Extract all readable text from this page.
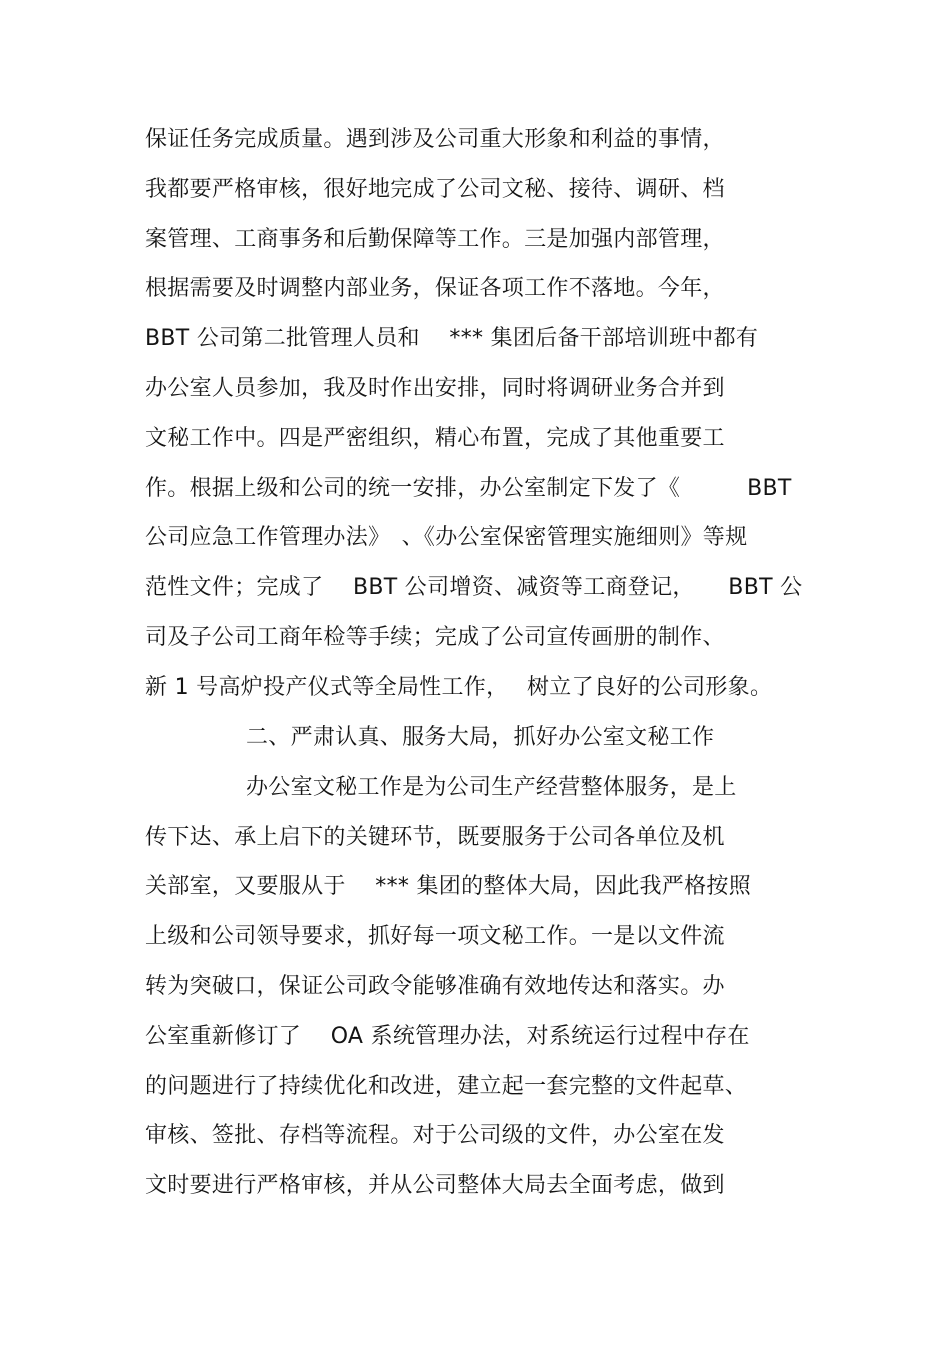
保证任务完成质量。遇到涉及公司重大形象和利益的事情，
我都要严格审核，很好地完成了公司文秘、接待、调研、档
案管理、工商事务和后勤保障等工作。三是加强内部管理，
根据需要及时调整内部业务，保证各项工作不落地。今年，
BBT 公司第二批管理人员和　 *** 集团后备干部培训班中都有
办公室人员参加，我及时作出安排，同时将调研业务合并到
文秘工作中。四是严密组织，精心布置，完成了其他重要工
作。根据上级和公司的统一安排，办公室制定下发了《　　　BBT
公司应急工作管理办法》　、《办公室保密管理实施细则》等规
范性文件；完成了　 BBT 公司增资、减资等工商登记，　　BBT 公
司及子公司工商年检等手续；完成了公司宣传画册的制作、
新 1 号高炉投产仪式等全局性工作，　 树立了良好的公司形象。
二、严肃认真、服务大局，抓好办公室文秘工作
办公室文秘工作是为公司生产经营整体服务，是上
传下达、承上启下的关键环节，既要服务于公司各单位及机
关部室，又要服从于　 *** 集团的整体大局，因此我严格按照
上级和公司领导要求，抓好每一项文秘工作。一是以文件流
转为突破口，保证公司政令能够准确有效地传达和落实。办
公室重新修订了　 OA 系统管理办法，对系统运行过程中存在
的问题进行了持续优化和改进，建立起一套完整的文件起草、
审核、签批、存档等流程。对于公司级的文件，办公室在发
文时要进行严格审核，并从公司整体大局去全面考虑，做到
